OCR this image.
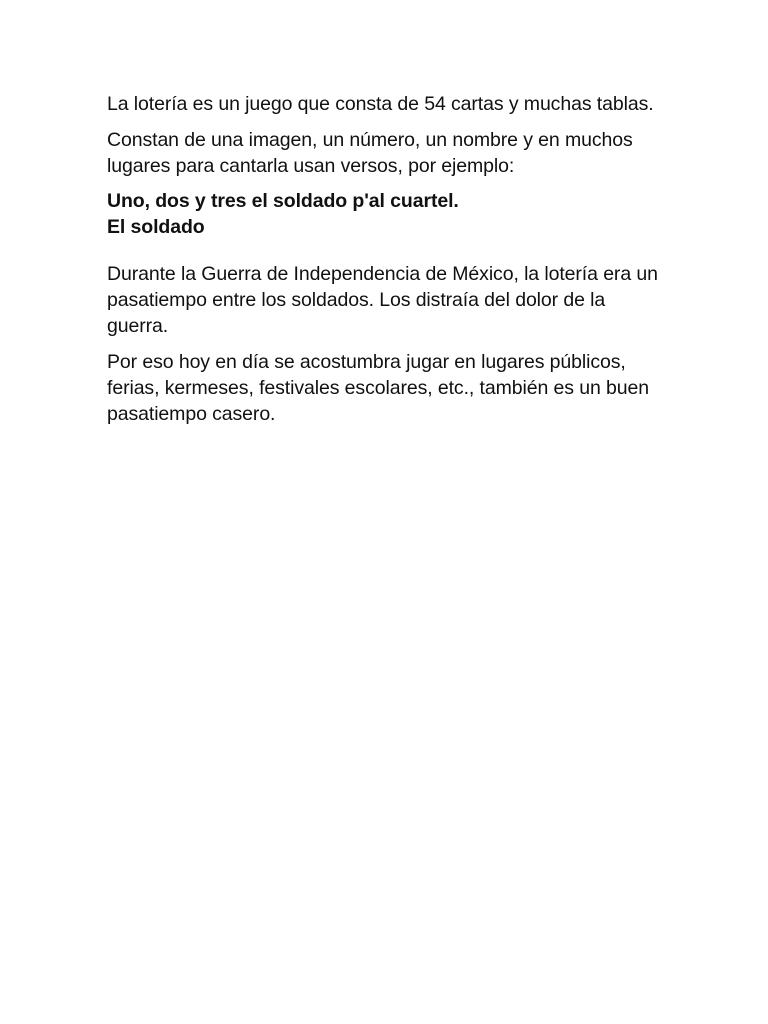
La lotería es un juego que consta de 54 cartas y muchas tablas.

Constan de una imagen, un número, un nombre y en muchos lugares para cantarla usan versos, por ejemplo:

Uno, dos y tres el soldado p'al cuartel.
El soldado

Durante la Guerra de Independencia de México, la lotería era un pasatiempo entre los soldados. Los distraía del dolor de la guerra.

Por eso hoy en día se acostumbra jugar en lugares públicos, ferias, kermeses, festivales escolares, etc., también es un buen pasatiempo casero.
